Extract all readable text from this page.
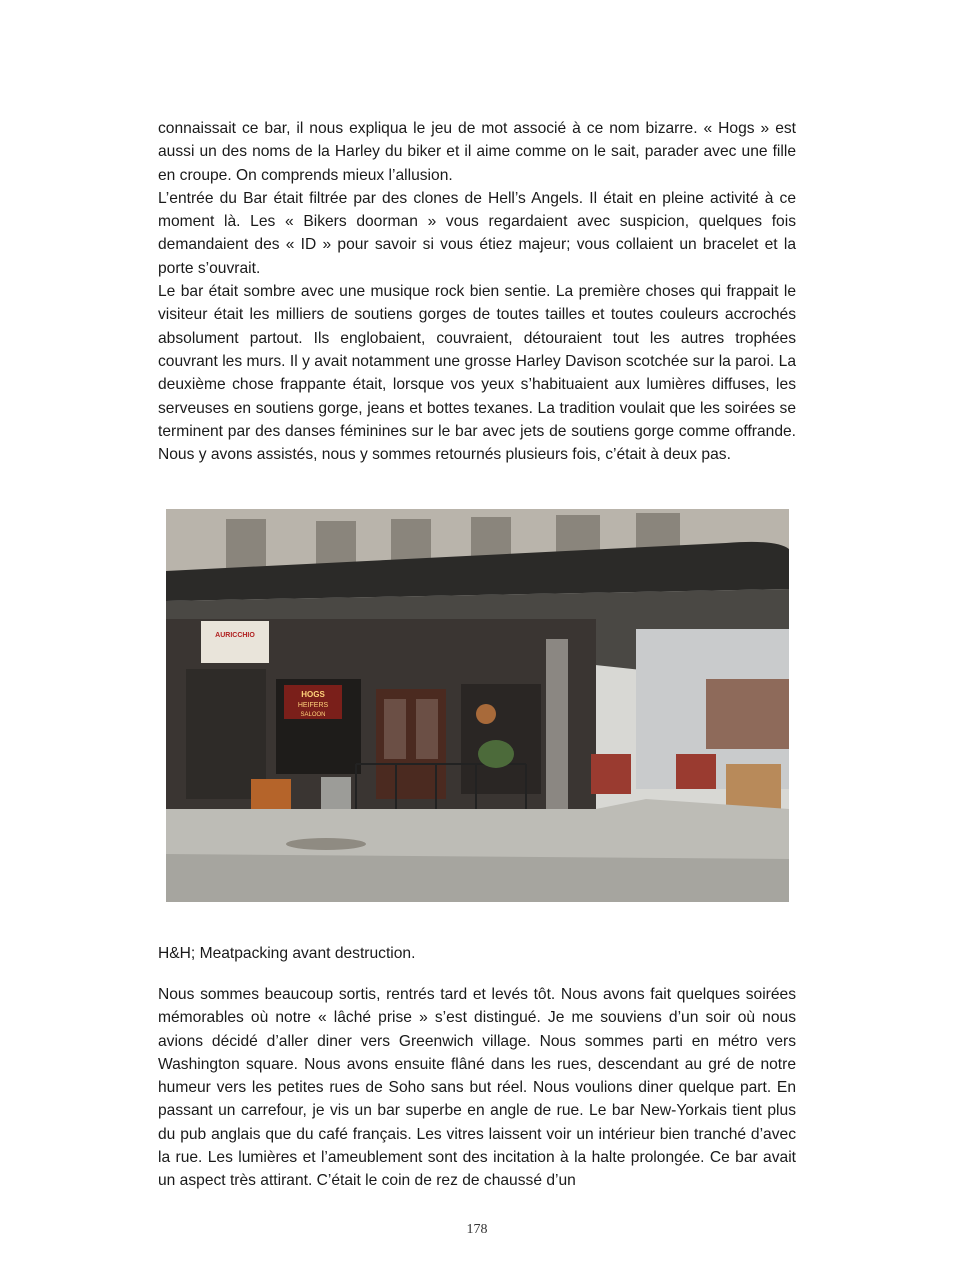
connaissait ce bar, il nous expliqua le jeu de mot associé à ce nom bizarre. « Hogs » est aussi un des noms de la Harley du biker et il aime comme on le sait, parader avec une fille en croupe. On comprends mieux l’allusion.

L’entrée du Bar était filtrée par des clones de Hell’s Angels. Il était en pleine activité à ce moment là. Les « Bikers doorman » vous regardaient avec suspicion, quelques fois demandaient des « ID » pour savoir si vous étiez majeur; vous collaient un bracelet et la porte s’ouvrait.

Le bar était sombre avec une musique rock bien sentie. La première choses qui frappait le visiteur était les milliers de soutiens gorges de toutes tailles et toutes couleurs accrochés absolument partout. Ils englobaient, couvraient, détouraient tout les autres trophées couvrant les murs. Il y avait notamment une grosse Harley Davison scotchée sur la paroi. La deuxième chose frappante était, lorsque vos yeux s’habituaient aux lumières diffuses, les serveuses en soutiens gorge, jeans et bottes texanes. La tradition voulait que les soirées se terminent par des danses féminines sur le bar avec jets de soutiens gorge comme offrande. Nous y avons assistés, nous y sommes retournés plusieurs fois, c’était à deux pas.

HOGS
HEIFERS
SALOON
AURICCHIO

H&H; Meatpacking avant destruction.

Nous sommes beaucoup sortis, rentrés tard et levés tôt. Nous avons fait quelques soirées mémorables où notre « lâché prise » s’est distingué. Je me souviens d’un soir où nous avions décidé d’aller diner vers Greenwich village. Nous sommes parti en métro vers Washington square. Nous avons ensuite flâné dans les rues, descendant au gré de notre humeur vers les petites rues de Soho sans but réel. Nous voulions diner quelque part. En passant un carrefour, je vis un bar superbe en angle de rue. Le bar New-Yorkais tient plus du pub anglais que du café français. Les vitres laissent voir un intérieur bien tranché d’avec la rue. Les lumières et l’ameublement sont des incitation à la halte prolongée. Ce bar avait un aspect très attirant. C’était le coin de rez de chaussé d’un

178
